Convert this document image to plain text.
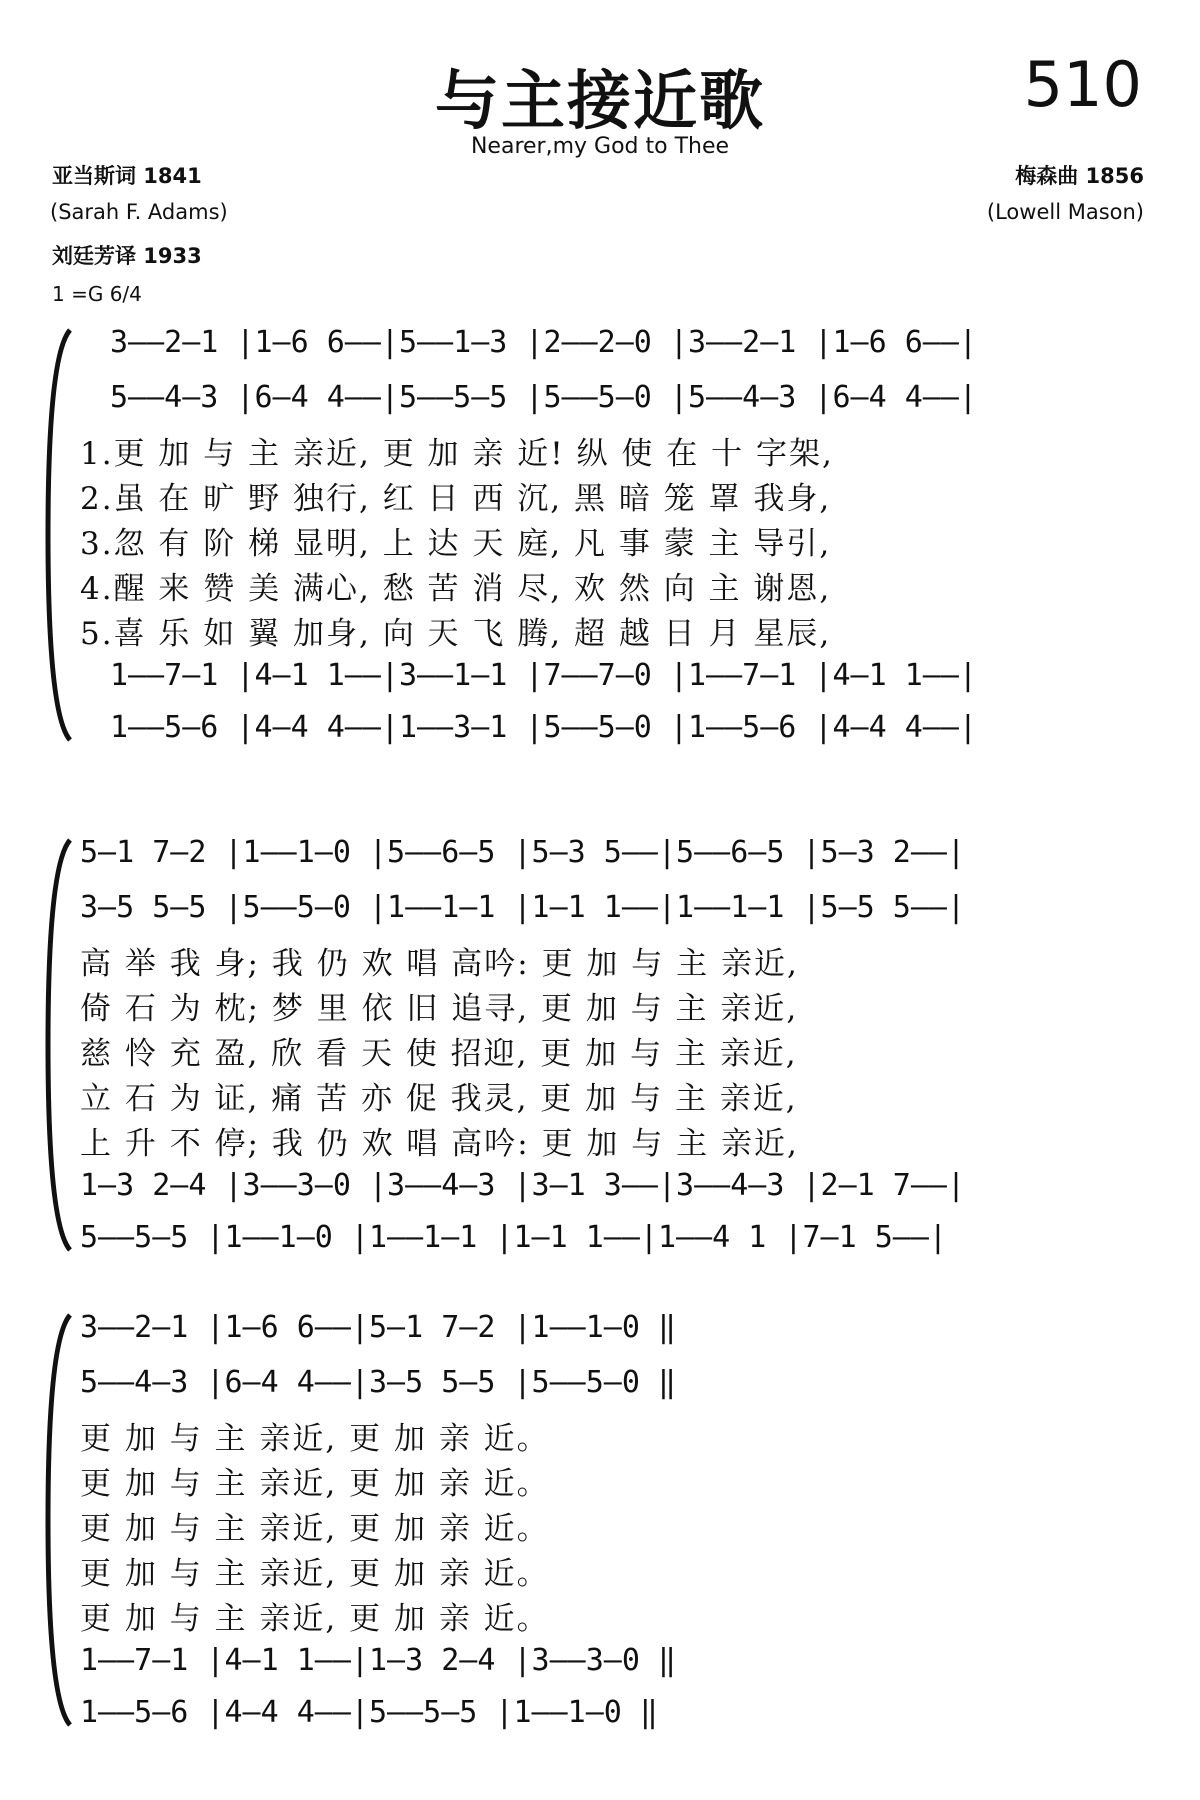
与主接近歌	510
Nearer,my God to Thee
亚当斯词 1841
(Sarah F. Adams)
刘廷芳译 1933
1 =G 6/4
梅森曲 1856
(Lowell Mason)
3——2—1 |1—6 6——|5——1—3 |2——2—0 |3——2—1 |1—6 6——|
5——4—3 |6—4 4——|5——5—5 |5——5—0 |5——4—3 |6—4 4——|
1.更 加 与 主 亲近, 更 加 亲 近! 纵 使 在 十 字架,
2.虽 在 旷 野 独行, 红 日 西 沉, 黑 暗 笼 罩 我身,
3.忽 有 阶 梯 显明, 上 达 天 庭, 凡 事 蒙 主 导引,
4.醒 来 赞 美 满心, 愁 苦 消 尽, 欢 然 向 主 谢恩,
5.喜 乐 如 翼 加身, 向 天 飞 腾, 超 越 日 月 星辰,
1——7—1 |4—1 1——|3——1—1 |7——7—0 |1——7—1 |4—1 1——|
1——5—6 |4—4 4——|1——3—1 |5——5—0 |1——5—6 |4—4 4——|
5—1 7—2 |1——1—0 |5——6—5 |5—3 5——|5——6—5 |5—3 2——|
3—5 5—5 |5——5—0 |1——1—1 |1—1 1——|1——1—1 |5—5 5——|
高 举 我 身; 我 仍 欢 唱 高吟: 更 加 与 主 亲近,
倚 石 为 枕; 梦 里 依 旧 追寻, 更 加 与 主 亲近,
慈 怜 充 盈, 欣 看 天 使 招迎, 更 加 与 主 亲近,
立 石 为 证, 痛 苦 亦 促 我灵, 更 加 与 主 亲近,
上 升 不 停; 我 仍 欢 唱 高吟: 更 加 与 主 亲近,
1—3 2—4 |3——3—0 |3——4—3 |3—1 3——|3——4—3 |2—1 7——|
5——5—5 |1——1—0 |1——1—1 |1—1 1——|1——4 1 |7—1 5——|
3——2—1 |1—6 6——|5—1 7—2 |1——1—0 ‖
5——4—3 |6—4 4——|3—5 5—5 |5——5—0 ‖
更 加 与 主 亲近, 更 加 亲 近。
更 加 与 主 亲近, 更 加 亲 近。
更 加 与 主 亲近, 更 加 亲 近。
更 加 与 主 亲近, 更 加 亲 近。
更 加 与 主 亲近, 更 加 亲 近。
1——7—1 |4—1 1——|1—3 2—4 |3——3—0 ‖
1——5—6 |4—4 4——|5——5—5 |1——1—0 ‖
